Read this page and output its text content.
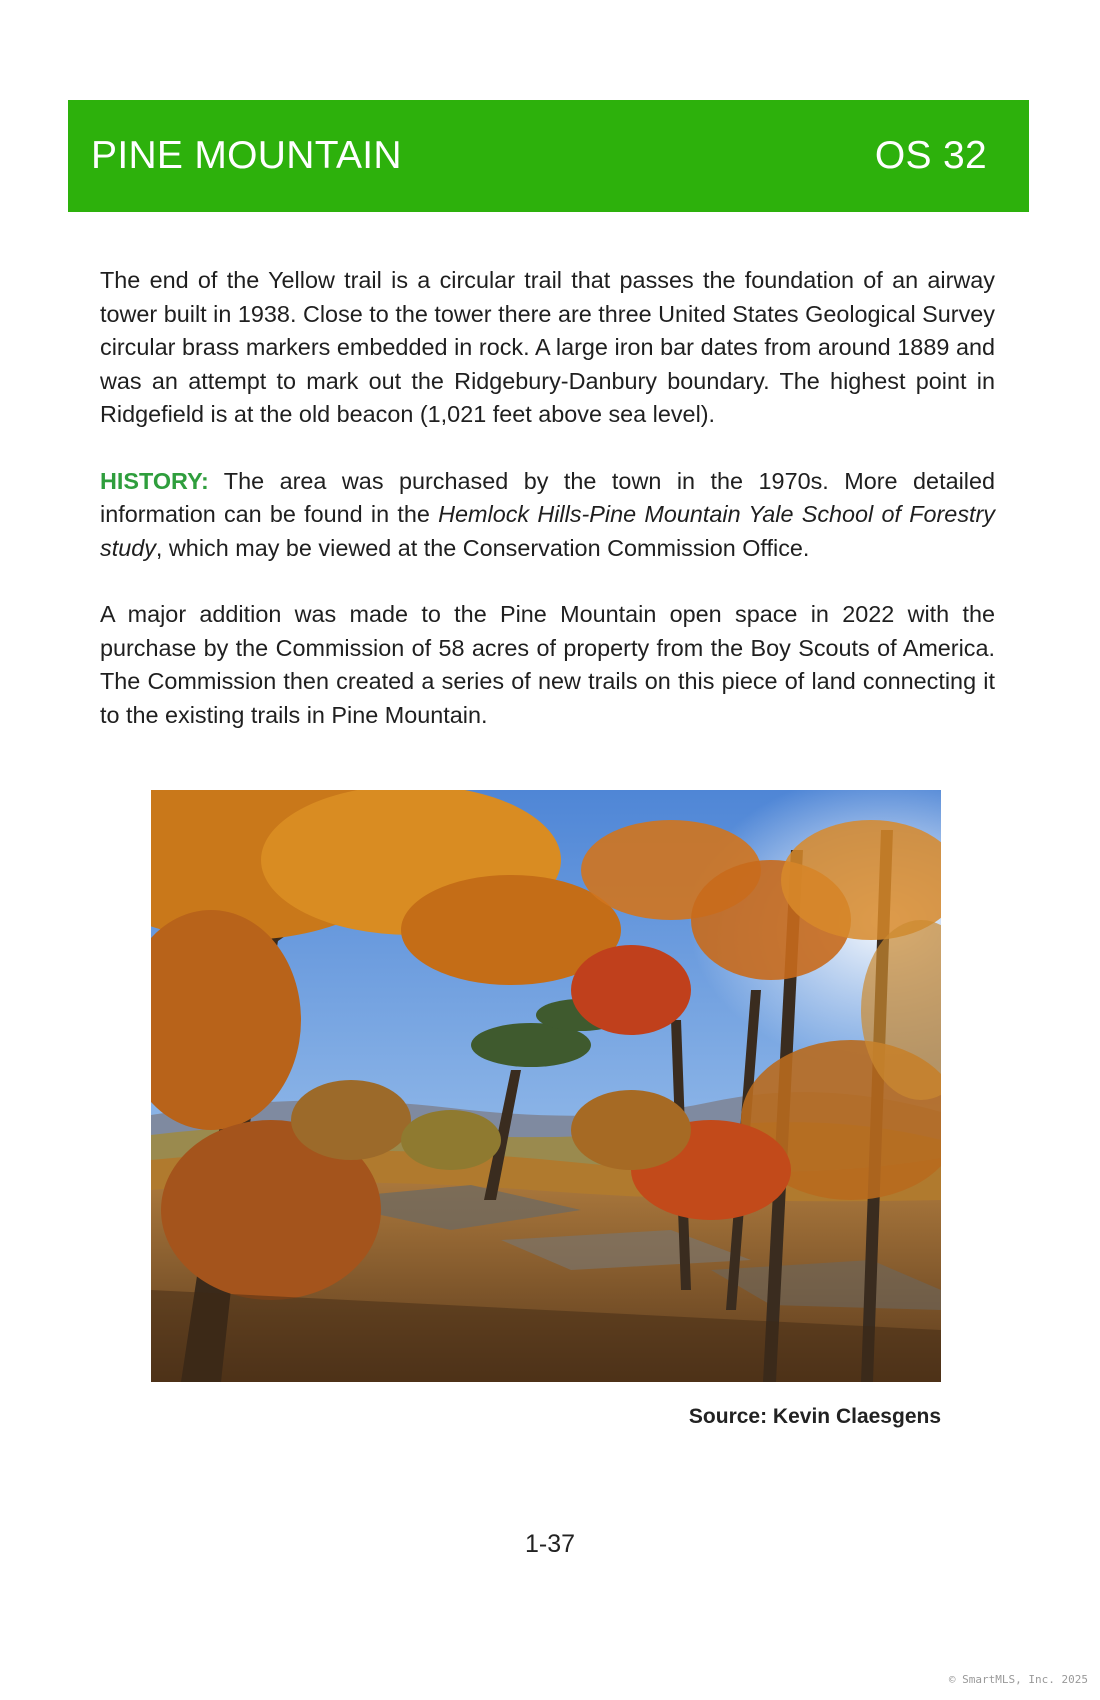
PINE MOUNTAIN	OS 32

The end of the Yellow trail is a circular trail that passes the foundation of an airway tower built in 1938. Close to the tower there are three United States Geological Survey circular brass markers embedded in rock. A large iron bar dates from around 1889 and was an attempt to mark out the Ridgebury-Danbury boundary. The highest point in Ridgefield is at the old beacon (1,021 feet above sea level).

HISTORY: The area was purchased by the town in the 1970s. More detailed information can be found in the Hemlock Hills-Pine Mountain Yale School of Forestry study, which may be viewed at the Conservation Commission Office.

A major addition was made to the Pine Mountain open space in 2022 with the purchase by the Commission of 58 acres of property from the Boy Scouts of America. The Commission then created a series of new trails on this piece of land connecting it to the existing trails in Pine Mountain.

Source: Kevin Claesgens
1-37
© SmartMLS, Inc. 2025
